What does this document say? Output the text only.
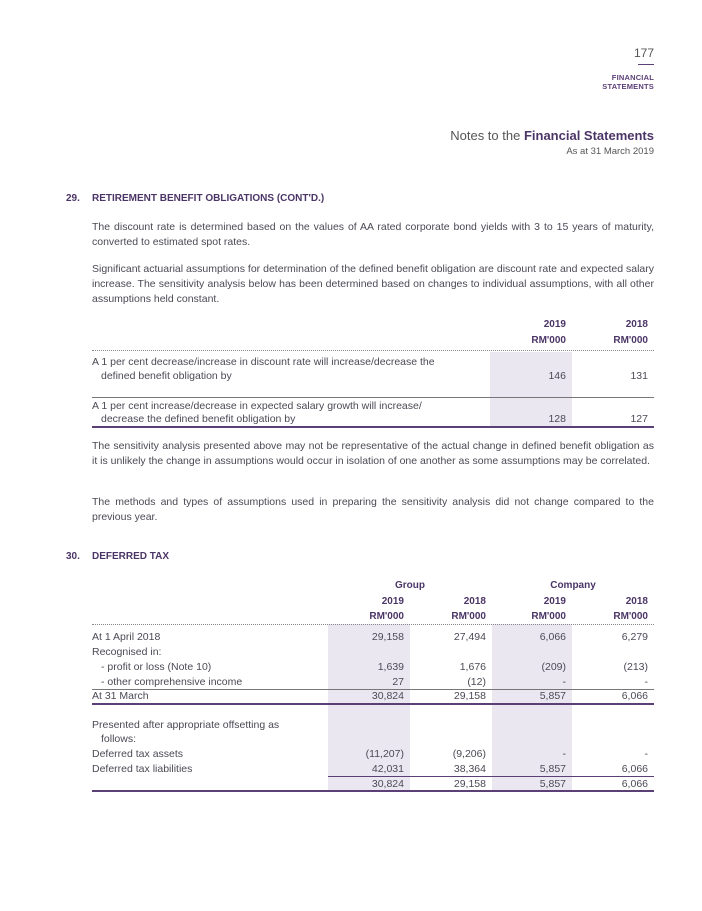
177
FINANCIAL
STATEMENTS
Notes to the Financial Statements
As at 31 March 2019
29. RETIREMENT BENEFIT OBLIGATIONS (CONT'D.)
The discount rate is determined based on the values of AA rated corporate bond yields with 3 to 15 years of maturity, converted to estimated spot rates.
Significant actuarial assumptions for determination of the defined benefit obligation are discount rate and expected salary increase. The sensitivity analysis below has been determined based on changes to individual assumptions, with all other assumptions held constant.
2019	2018
RM'000	RM'000
A 1 per cent decrease/increase in discount rate will increase/decrease the
defined benefit obligation by	146	131
A 1 per cent increase/decrease in expected salary growth will increase/
decrease the defined benefit obligation by	128	127
The sensitivity analysis presented above may not be representative of the actual change in defined benefit obligation as it is unlikely the change in assumptions would occur in isolation of one another as some assumptions may be correlated.
The methods and types of assumptions used in preparing the sensitivity analysis did not change compared to the previous year.
30. DEFERRED TAX
Group	Company
2019	2018	2019	2018
RM'000	RM'000	RM'000	RM'000
At 1 April 2018	29,158	27,494	6,066	6,279
Recognised in:
- profit or loss (Note 10)	1,639	1,676	(209)	(213)
- other comprehensive income	27	(12)	-	-
At 31 March	30,824	29,158	5,857	6,066
Presented after appropriate offsetting as
follows:
Deferred tax assets	(11,207)	(9,206)	-	-
Deferred tax liabilities	42,031	38,364	5,857	6,066
30,824	29,158	5,857	6,066
